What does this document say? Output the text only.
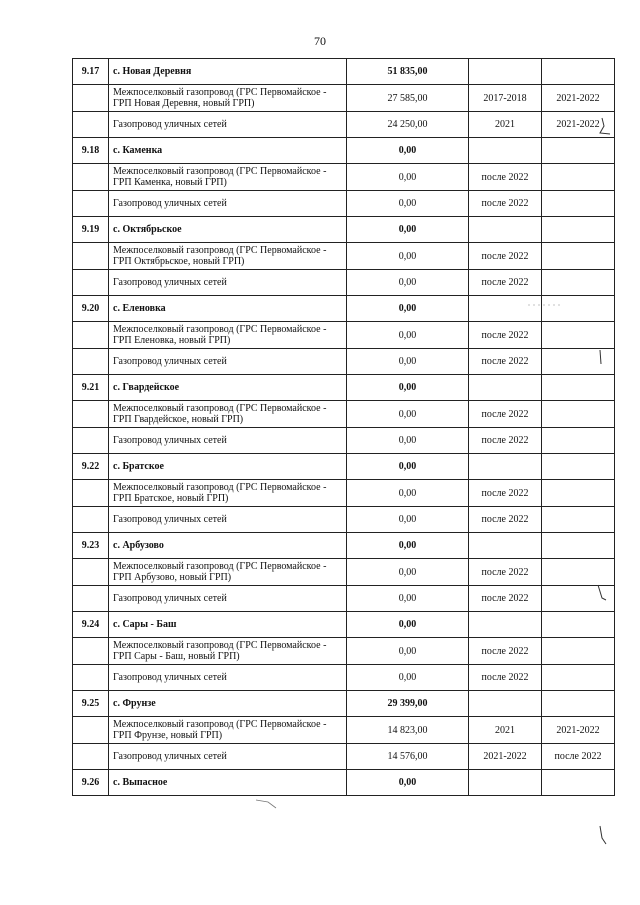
70
9.17	с. Новая Деревня	51 835,00		
	Межпоселковый газопровод (ГРС Первомайское - ГРП Новая Деревня, новый ГРП)	27 585,00	2017-2018	2021-2022
	Газопровод уличных сетей	24 250,00	2021	2021-2022
9.18	с. Каменка	0,00		
	Межпоселковый газопровод (ГРС Первомайское - ГРП Каменка, новый ГРП)	0,00	после 2022	
	Газопровод уличных сетей	0,00	после 2022	
9.19	с. Октябрьское	0,00		
	Межпоселковый газопровод (ГРС Первомайское - ГРП Октябрьское, новый ГРП)	0,00	после 2022	
	Газопровод уличных сетей	0,00	после 2022	
9.20	с. Еленовка	0,00		
	Межпоселковый газопровод (ГРС Первомайское - ГРП Еленовка, новый ГРП)	0,00	после 2022	
	Газопровод уличных сетей	0,00	после 2022	
9.21	с. Гвардейское	0,00		
	Межпоселковый газопровод (ГРС Первомайское - ГРП Гвардейское, новый ГРП)	0,00	после 2022	
	Газопровод уличных сетей	0,00	после 2022	
9.22	с. Братское	0,00		
	Межпоселковый газопровод (ГРС Первомайское - ГРП Братское, новый ГРП)	0,00	после 2022	
	Газопровод уличных сетей	0,00	после 2022	
9.23	с. Арбузово	0,00		
	Межпоселковый газопровод (ГРС Первомайское - ГРП Арбузово, новый ГРП)	0,00	после 2022	
	Газопровод уличных сетей	0,00	после 2022	
9.24	с. Сары - Баш	0,00		
	Межпоселковый газопровод (ГРС Первомайское - ГРП Сары - Баш, новый ГРП)	0,00	после 2022	
	Газопровод уличных сетей	0,00	после 2022	
9.25	с. Фрунзе	29 399,00		
	Межпоселковый газопровод (ГРС Первомайское - ГРП Фрунзе, новый ГРП)	14 823,00	2021	2021-2022
	Газопровод уличных сетей	14 576,00	2021-2022	после 2022
9.26	с. Выпасное	0,00		
